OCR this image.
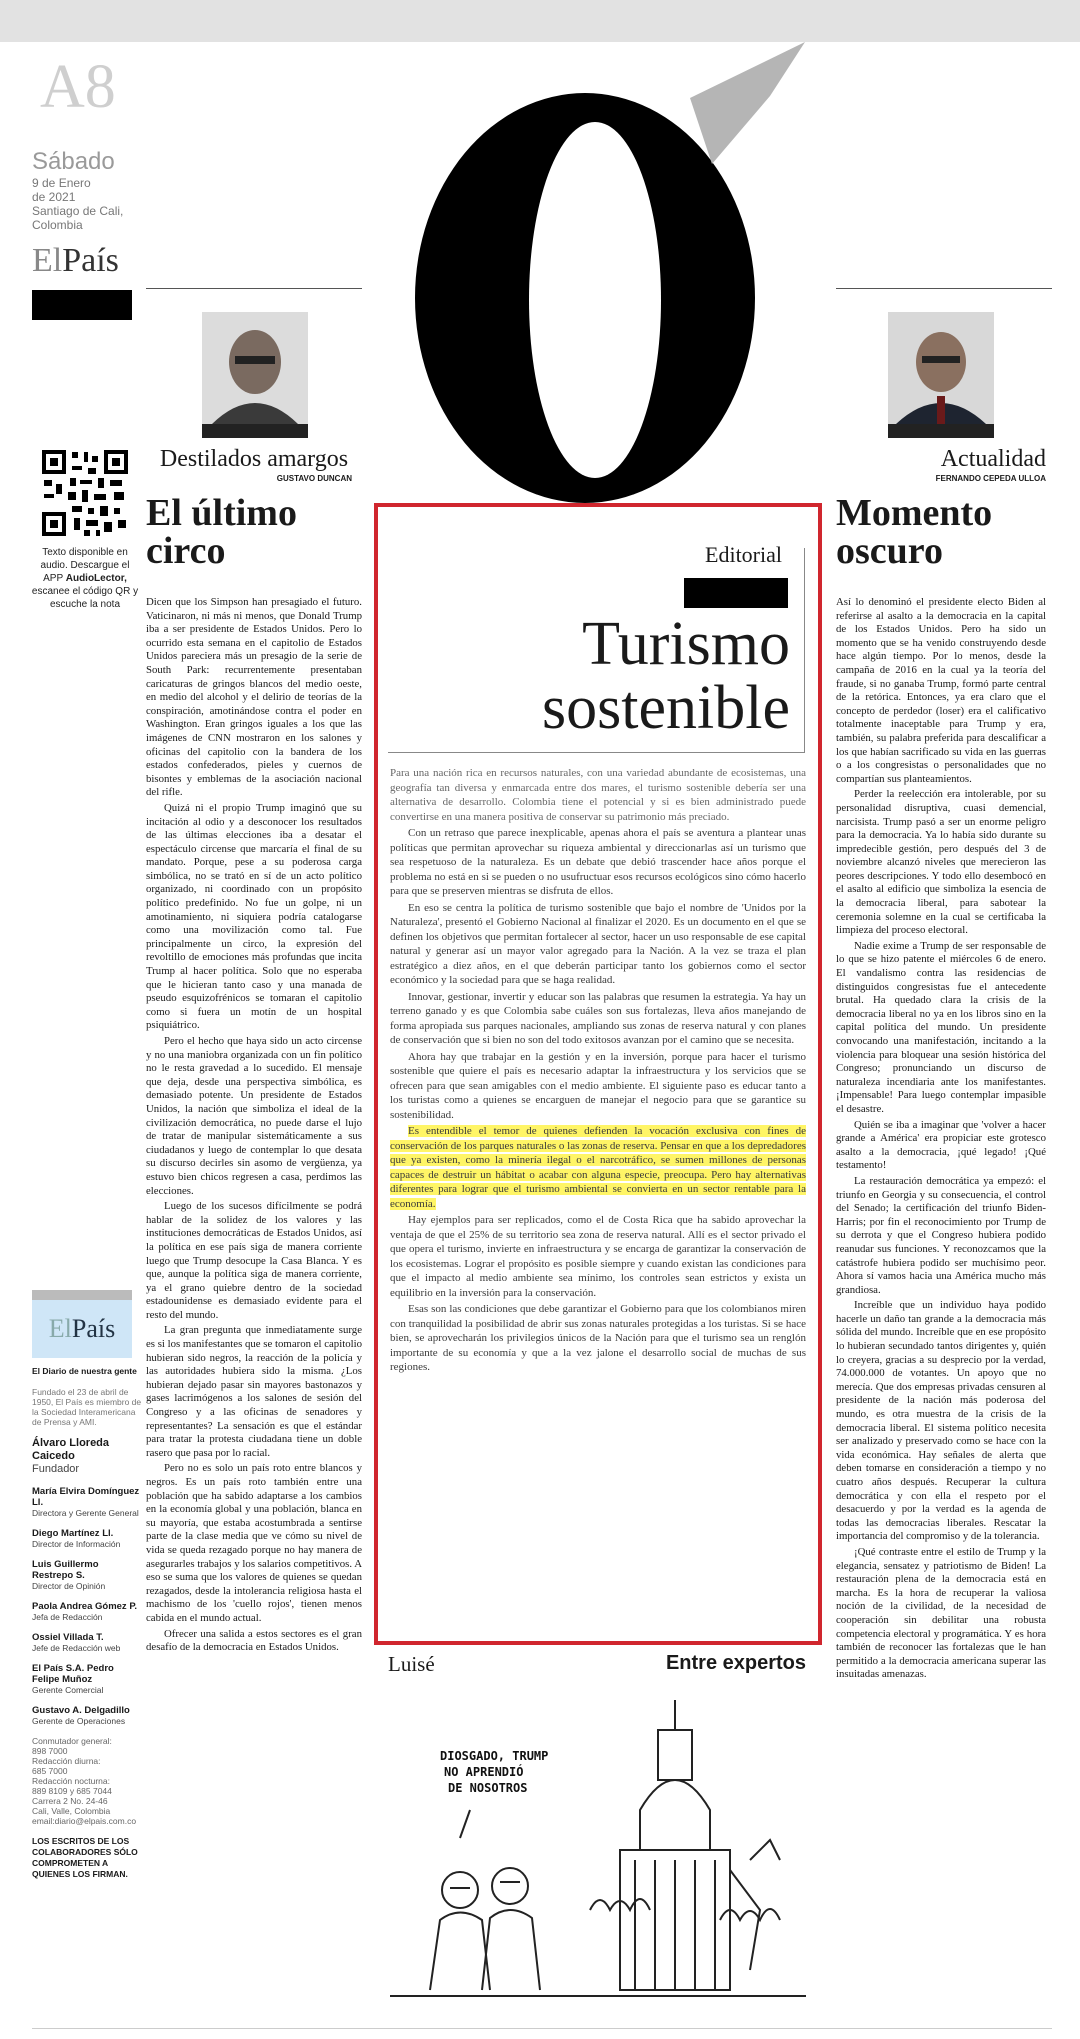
A8
Sábado
9 de Enero
de 2021
Santiago de Cali,
Colombia
ElPaís
Destilados amargos
GUSTAVO DUNCAN
Actualidad
FERNANDO CEPEDA ULLOA
Texto disponible en audio. Descargue el APP AudioLector, escanee el código QR y escuche la nota
El último circo

Dicen que los Simpson han presagiado el futuro. Vaticinaron, ni más ni menos, que Donald Trump iba a ser presidente de Estados Unidos. Pero lo ocurrido esta semana en el capitolio de Estados Unidos pareciera más un presagio de la serie de South Park: recurrentemente presentaban caricaturas de gringos blancos del medio oeste, en medio del alcohol y el delirio de teorías de la conspiración, amotinándose contra el poder en Washington. Eran gringos iguales a los que las imágenes de CNN mostraron en los salones y oficinas del capitolio con la bandera de los estados confederados, pieles y cuernos de bisontes y emblemas de la asociación nacional del rifle.

Quizá ni el propio Trump imaginó que su incitación al odio y a desconocer los resultados de las últimas elecciones iba a desatar el espectáculo circense que marcaría el final de su mandato. Porque, pese a su poderosa carga simbólica, no se trató en sí de un acto político organizado, ni coordinado con un propósito político predefinido. No fue un golpe, ni un amotinamiento, ni siquiera podría catalogarse como una movilización como tal. Fue principalmente un circo, la expresión del revoltillo de emociones más profundas que incita Trump al hacer política. Solo que no esperaba que le hicieran tanto caso y una manada de pseudo esquizofrénicos se tomaran el capitolio como si fuera un motín de un hospital psiquiátrico.

Pero el hecho que haya sido un acto circense y no una maniobra organizada con un fin político no le resta gravedad a lo sucedido. El mensaje que deja, desde una perspectiva simbólica, es demasiado potente. Un presidente de Estados Unidos, la nación que simboliza el ideal de la civilización democrática, no puede darse el lujo de tratar de manipular sistemáticamente a sus ciudadanos y luego de contemplar lo que desata su discurso decirles sin asomo de vergüenza, ya estuvo bien chicos regresen a casa, perdimos las elecciones.

Luego de los sucesos difícilmente se podrá hablar de la solidez de los valores y las instituciones democráticas de Estados Unidos, así la política en ese país siga de manera corriente luego que Trump desocupe la Casa Blanca. Y es que, aunque la política siga de manera corriente, ya el grano quiebre dentro de la sociedad estadounidense es demasiado evidente para el resto del mundo.

La gran pregunta que inmediatamente surge es si los manifestantes que se tomaron el capitolio hubieran sido negros, la reacción de la policía y las autoridades hubiera sido la misma. ¿Los hubieran dejado pasar sin mayores bastonazos y gases lacrimógenos a los salones de sesión del Congreso y a las oficinas de senadores y representantes? La sensación es que el estándar para tratar la protesta ciudadana tiene un doble rasero que pasa por lo racial.

Pero no es solo un país roto entre blancos y negros. Es un país roto también entre una población que ha sabido adaptarse a los cambios en la economía global y una población, blanca en su mayoría, que estaba acostumbrada a sentirse parte de la clase media que ve cómo su nivel de vida se queda rezagado porque no hay manera de asegurarles trabajos y los salarios competitivos. A eso se suma que los valores de quienes se quedan rezagados, desde la intolerancia religiosa hasta el machismo de los 'cuello rojos', tienen menos cabida en el mundo actual.

Ofrecer una salida a estos sectores es el gran desafío de la democracia en Estados Unidos.

Editorial
Turismo
sostenible

Para una nación rica en recursos naturales, con una variedad abundante de ecosistemas, una geografía tan diversa y enmarcada entre dos mares, el turismo sostenible debería ser una alternativa de desarrollo. Colombia tiene el potencial y si es bien administrado puede convertirse en una manera positiva de conservar su patrimonio más preciado.

Con un retraso que parece inexplicable, apenas ahora el país se aventura a plantear unas políticas que permitan aprovechar su riqueza ambiental y direccionarlas así un turismo que sea respetuoso de la naturaleza. Es un debate que debió trascender hace años porque el problema no está en si se pueden o no usufructuar esos recursos ecológicos sino cómo hacerlo para que se preserven mientras se disfruta de ellos.

En eso se centra la política de turismo sostenible que bajo el nombre de 'Unidos por la Naturaleza', presentó el Gobierno Nacional al finalizar el 2020. Es un documento en el que se definen los objetivos que permitan fortalecer al sector, hacer un uso responsable de ese capital natural y generar así un mayor valor agregado para la Nación. A la vez se traza el plan estratégico a diez años, en el que deberán participar tanto los gobiernos como el sector económico y la sociedad para que se haga realidad.

Innovar, gestionar, invertir y educar son las palabras que resumen la estrategia. Ya hay un terreno ganado y es que Colombia sabe cuáles son sus fortalezas, lleva años manejando de forma apropiada sus parques nacionales, ampliando sus zonas de reserva natural y con planes de conservación que si bien no son del todo exitosos avanzan por el camino que se necesita.

Ahora hay que trabajar en la gestión y en la inversión, porque para hacer el turismo sostenible que quiere el país es necesario adaptar la infraestructura y los servicios que se ofrecen para que sean amigables con el medio ambiente. El siguiente paso es educar tanto a los turistas como a quienes se encarguen de manejar el negocio para que se garantice su sostenibilidad.

Es entendible el temor de quienes defienden la vocación exclusiva con fines de conservación de los parques naturales o las zonas de reserva. Pensar en que a los depredadores que ya existen, como la minería ilegal o el narcotráfico, se sumen millones de personas capaces de destruir un hábitat o acabar con alguna especie, preocupa. Pero hay alternativas diferentes para lograr que el turismo ambiental se convierta en un sector rentable para la economía.

Hay ejemplos para ser replicados, como el de Costa Rica que ha sabido aprovechar la ventaja de que el 25% de su territorio sea zona de reserva natural. Allí es el sector privado el que opera el turismo, invierte en infraestructura y se encarga de garantizar la conservación de los ecosistemas. Lograr el propósito es posible siempre y cuando existan las condiciones para que el impacto al medio ambiente sea mínimo, los controles sean estrictos y exista un equilibrio en la inversión para la conservación.

Esas son las condiciones que debe garantizar el Gobierno para que los colombianos miren con tranquilidad la posibilidad de abrir sus zonas naturales protegidas a los turistas. Si se hace bien, se aprovecharán los privilegios únicos de la Nación para que el turismo sea un renglón importante de su economía y que a la vez jalone el desarrollo social de muchas de sus regiones.

Luisé	Entre expertos
DIOSGADO, TRUMP
NO APRENDIÓ
DE NOSOTROS
Momento oscuro

Así lo denominó el presidente electo Biden al referirse al asalto a la democracia en la capital de los Estados Unidos. Pero ha sido un momento que se ha venido construyendo desde hace algún tiempo. Por lo menos, desde la campaña de 2016 en la cual ya la teoría del fraude, si no ganaba Trump, formó parte central de la retórica. Entonces, ya era claro que el concepto de perdedor (loser) era el calificativo totalmente inaceptable para Trump y era, también, su palabra preferida para descalificar a los que habían sacrificado su vida en las guerras o a los congresistas o personalidades que no compartían sus planteamientos.

Perder la reelección era intolerable, por su personalidad disruptiva, cuasi demencial, narcisista. Trump pasó a ser un enorme peligro para la democracia. Ya lo había sido durante su impredecible gestión, pero después del 3 de noviembre alcanzó niveles que merecieron las peores descripciones. Y todo ello desembocó en el asalto al edificio que simboliza la esencia de la democracia liberal, para sabotear la ceremonia solemne en la cual se certificaba la limpieza del proceso electoral.

Nadie exime a Trump de ser responsable de lo que se hizo patente el miércoles 6 de enero. El vandalismo contra las residencias de distinguidos congresistas fue el antecedente brutal. Ha quedado clara la crisis de la democracia liberal no ya en los libros sino en la capital política del mundo. Un presidente convocando una manifestación, incitando a la violencia para bloquear una sesión histórica del Congreso; pronunciando un discurso de naturaleza incendiaria ante los manifestantes. ¡Impensable! Para luego contemplar impasible el desastre.

Quién se iba a imaginar que 'volver a hacer grande a América' era propiciar este grotesco asalto a la democracia, ¡qué legado! ¡Qué testamento!

La restauración democrática ya empezó: el triunfo en Georgia y su consecuencia, el control del Senado; la certificación del triunfo Biden-Harris; por fin el reconocimiento por Trump de su derrota y que el Congreso hubiera podido reanudar sus funciones. Y reconozcamos que la catástrofe hubiera podido ser muchísimo peor. Ahora sí vamos hacia una América mucho más grandiosa.

Increíble que un individuo haya podido hacerle un daño tan grande a la democracia más sólida del mundo. Increíble que en ese propósito lo hubieran secundado tantos dirigentes y, quién lo creyera, gracias a su desprecio por la verdad, 74.000.000 de votantes. Un apoyo que no merecía. Que dos empresas privadas censuren al presidente de la nación más poderosa del mundo, es otra muestra de la crisis de la democracia liberal. El sistema político necesita ser analizado y preservado como se hace con la vida económica. Hay señales de alerta que deben tomarse en consideración a tiempo y no cuatro años después. Recuperar la cultura democrática y con ella el respeto por el desacuerdo y por la verdad es la agenda de todas las democracias liberales. Rescatar la importancia del compromiso y de la tolerancia.

¡Qué contraste entre el estilo de Trump y la elegancia, sensatez y patriotismo de Biden! La restauración plena de la democracia está en marcha. Es la hora de recuperar la valiosa noción de la civilidad, de la necesidad de cooperación sin debilitar una robusta competencia electoral y programática. Y es hora también de reconocer las fortalezas que le han permitido a la democracia americana superar las insuitadas amenazas.

ElPaís
El Diario de nuestra gente
Fundado el 23 de abril de 1950, El País es miembro de la Sociedad Interamericana de Prensa y AMI.
Álvaro Lloreda Caicedo
Fundador
María Elvira Domínguez Ll.
Directora y Gerente General
Diego Martínez Ll.
Director de Información
Luis Guillermo Restrepo S.
Director de Opinión
Paola Andrea Gómez P.
Jefa de Redacción
Ossiel Villada T.
Jefe de Redacción web
El País S.A. Pedro Felipe Muñoz
Gerente Comercial
Gustavo A. Delgadillo
Gerente de Operaciones
Conmutador general:
898 7000
Redacción diurna:
685 7000
Redacción nocturna:
889 8109 y 685 7044
Carrera 2 No. 24-46
Cali, Valle, Colombia
email:diario@elpais.com.co
LOS ESCRITOS DE LOS COLABORADORES SÓLO COMPROMETEN A QUIENES LOS FIRMAN.
